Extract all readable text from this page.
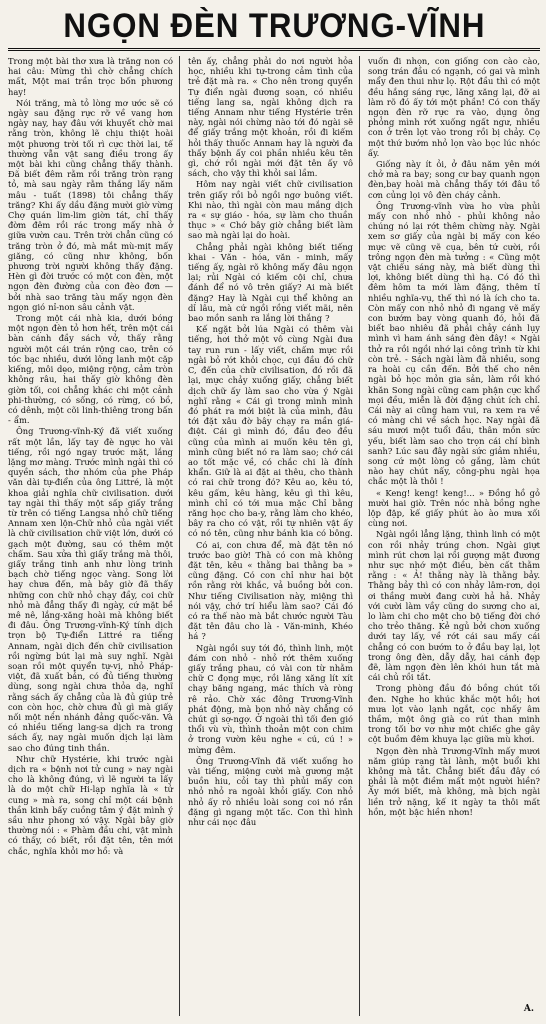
NGỌN ĐÈN TRƯƠNG-VĨNH

Trong một bài thơ xưa là trăng non có hai câu: Mừng thì chờ chẳng chích mất, Một mai trần trọc bốn phương hay!

Nói trăng, mà tỏ lòng mơ ước sẽ có ngày sau đặng rực rỡ về vang hơn ngày nay, hay đâu với khuyết chờ mai rằng tròn, không lẽ chịu thiệt hoài một phương trời tối rì cực thời lai, tế thường vẫn vật sang điều trong ấy một bài khi cũng chẳng thấy thành. Đã biết đêm rằm rồi trăng tròn rạng tỏ, mà sau ngày rằm thắng lấy năm mâu - tuất (1898) tôi chẳng thấy trăng? Khi ấy dầu đặng mười giờ vừng Chợ quán lim-lim giờn tát, chỉ thấy đờm đêm rồi rác trong mấy nhà ở giữa vườn cau. Trên trời chẳn cũng có trăng tròn ở đó, mà mắt mù-mịt mấy giăng, có cũng như không, bốn phương trời người không thấy đặng. Hèn gì đời trước có một con đèn, một ngọn đèn đường của con đèo đơn — bởi nhà sao trăng tàu mấy ngọn đèn ngọn gió nỉ-non sâu cảnh vật.

Trong một cái nhà kia, dưới bóng một ngọn đèn tỏ hơn hết, trên một cái bàn cánh đầy sách vở, thấy rằng người một cái trán rộng cao, trên có tóc bạc nhiều, dưới lông lanh một cặp kiếng, môi dẹo, miệng rộng, cảm tròn không râu, hai thấy giờ không đèn giờn tối, coi chẳng khác chi một cảnh phi-thường, có sống, có rừng, có bồ, có dênh, một cõi linh-thiêng trong bấn - ẩm.

Ông Trương-vĩnh-Ký đã viết xuống rất một lần, lấy tay đè ngực ho vài tiếng, rồi ngó ngay trước mặt, lắng lặng mơ màng. Trước mình ngài thì có quyền sách, thơ nhóm của phe Pháp văn dài tự-điển của ông Littré, là một khoa giải nghĩa chữ civilisation. dưới tay ngài thì thấy một sấp giấy trắng từ trên có tiếng Langsa nhỏ chữ tiếng Annam xen lộn-Chữ nhỏ của ngài viết là chữ civilisation chữ việt lớn, dưới có gạch một đường, sau có thêm một chấm. Sau xửa thì giấy trắng mà thôi, giấy trắng tinh anh như lòng trinh bạch chờ tiếng ngọc vàng. Song lời hay chưa đến, mà bây giờ đã thấy những con chữ nhỏ chạy đầy, coi chữ nhỏ mà đẳng thấy đi ngày, cứ mặt bề mê nê, lắng-xăng hoài mà không biết đi đâu. Ông Trương-vĩnh-Ký tính dịch trọn bộ Tự-điển Littré ra tiếng Annam, ngài dịch đến chữ civilisation rồi ngừng bút lại mà suy nghĩ. Ngài soạn rồi một quyển tự-vị, nhỏ Pháp-việt, đã xuất bản, có đủ tiếng thường dùng, song ngài chưa thỏa dạ, nghĩ rằng sách ấy chẳng của là đủ giúp trẻ con còn học, chờ chưa đủ gì mà giấy nối một nền nhánh đảng quốc-văn. Và có nhiều tiếng lang-sa dịch ra trong sách ấy, nay ngài muốn dịch lại làm sao cho đúng tinh thần.

Như chữ Hystérie, khi trước ngài dịch ra « bệnh nơi tử cung » nay ngài cho là không đúng, vì lẽ người ta lấy là do một chữ Hi-lạp nghĩa là « tử cung » mà ra, song chỉ một cái bệnh thần kinh bấy cuồng tâm ý đặt mình ý sầu như phong xó vậy. Ngài bây giờ thường nói : « Phàm đầu chi, vật mình có thấy, có biết, rồi đặt tên, tên mới chắc, nghĩa khỏi mơ hồ: và

tên ấy, chẳng phải do nơi người hỏa học, nhiều khi tự-trong cảm tình của trẻ đặt mà ra. « Cho nên trong quyển Tự điển ngài đương soạn, có nhiều tiếng lang sa, ngài không dịch ra tiếng Annam như tiếng Hystérie trên này, ngài nói chừng nào tới đó ngài sẽ để giấy trắng một khoản, rồi đi kiếm hỏi thấy thuốc Annam hay là người đa thấy bệnh ấy coi phần nhiều kêu tên gì, chớ rồi ngài mới đặt tên ấy vô sách, cho vậy thì khỏi sai lầm.

Hôm nay ngài viết chữ civilisation trên giấy rồi bỏ ngồi ngơ buông viết. Khi nào, thì ngài còn mau mắng dịch ra « sự giáo - hóa, sự làm cho thuần thục » « Chớ bây giờ chẳng biết làm sao mà ngài lại do hoài.

Chẳng phải ngài không biết tiếng khai - Văn - hóa, văn - minh, mấy tiếng ấy, ngài rõ không mấy đâu ngọn lại; rủi Ngài có kiếm cội chỉ, chưa đánh để nó vô trên giấy? Ai mà biết đặng? Hay là Ngài cụi thể không an dỉ lâu, mà cứ ngồi rồng viết mãi, nên bao mồn sanh ra lắng lời thắng ?

Kế ngặt bởi lúa Ngài có thêm vài tiếng, hơi thở một vô cùng Ngài đưa tay run run - lấy viết, chấm mực rồi ngài bỏ rớt khỏi chọc, cụi đầu đó chữ C, đến của chữ civilisation, đó rồi đã lại, mực chảy xuống giấy, chẳng biết dịch chữ ấy làm sao cho vừa ý Ngài nghĩ rằng « Cái gì trong mình mình đó phát ra mới biệt là của mình, đâu tới đặt xâu đờ bây chạy ra mần giá-điệt. Cái gì mình đó, đầu đeo đều cũng của mình ai muốn kêu tên gì, mình cũng biết nó ra làm sao; chớ cái ao tốt mặc về, có chắc chi là đính khẩn. Giữ là ai đặt ai thêu, cho thành có rai chữ trong đó? Kêu ao, kêu tó, kêu gấm, kêu hàng, kêu gì thì kêu, mình chỉ có tới mua mặc Chỉ bằng răng học cho ba-y, rằng làm cho khéo, bây ra cho có vật, rồi tự nhiên vật ấy có nó tên, cũng như bánh kia có bông.

Có ai, con chưa để, mà đặt tên nó trước bao giờ! Thà có con mà không đặt tên, kêu « thằng bai thằng ba » cũng đặng. Có con chỉ như hai bột rồn rằng rời khắc, vả buồng bởi con. Như tiếng Civilisation này, miệng thì nói vậy, chớ trí hiểu làm sao? Cái đó có ra thế nào mà bắt chước người Tàu đặt tên đâu cho là - Văn-minh, Khéo há ?

Ngài ngồi suy tới đó, thình linh, một đám con nhỏ - nhỏ rớt thêm xuống giấy trắng phau, có vài con từ nhằm chữ C đọng mực, rồi lăng xăng lít xít chạy băng ngang, mác thích và ròng rê rảo. Chờ xác đông Trương-Vĩnh phát động, mà bọn nhỏ này chẳng có chút gì sợ-ngợ. Ở ngoài thì tối đen gió thổi vù vù, thình thoản một con chim ở trong vườn kêu nghe « cú, cú ! » mừng đêm.

Ông Trương-Vĩnh đã viết xuống ho vài tiếng, miệng cười mà gương mặt buồn hiu, cỏi tay thì phủi mấy con nhỏ nhỏ ra ngoài khỏi giấy. Con nhỏ nhỏ ấy rỏ nhiều loài song coi nó rắn đặng gì ngang một tấc. Con thì hình như cái nọc đâu

vuốn đi nhọn, con giống con cào cào, song trán đầu có ngạnh, có gai và mình mẩy đen thui như lọ. Rột đầu thì có một đều hắng sáng rực, lăng xăng lại, đỡ ai làm rõ đó ấy tới một phần! Có con thấy ngọn đèn rỡ rực ra vào, dụng ông phỏng mình rớt xuống ngất ngư, nhiều con ở trên lọt vào trong rồi bị chảy. Cọ một thứ bướm nhỏ lọn vào bọc lúc nhóc ấy.

Giống này ít ỏi, ở đâu năm yên mới chở mà ra bay; song cư bay quanh ngọn đèn,bay hoài mà chẳng thấy tới đâu tồ cơn củng lọi vô đèn cháy cảnh.

Ông Trương-vĩnh vừa ho vừa phủi mấy con nhỏ nhỏ - phủi không nảo chúng nó lại rớt thêm chừng này. Ngài xem sơ giấy của ngài bị mấy con kéo mực vẽ cũng vẽ cụa, bên tứ cười, rồi trông ngọn đèn mà tưởng : « Cũng một vật chiếu sáng này, mà biết dùng thì lợi, không biết dùng thì hạ. Có đó thì đêm hôm ta mới làm đặng, thêm tỉ nhiều nghĩa-vụ, thế thì nó là ích cho ta. Còn mấy con nhỏ nhỏ đi ngang vẽ mấy con bướm bay vòng quanh đó, hỏi đã biết bao nhiêu đã phải chảy cánh lụy mình vì ham ánh sáng đèn đây! « Ngài thở ra rồi ngồi nhớ lại công trình từ khi còn trẻ. - Sách ngài làm đã nhiều, song ra hoài cụ cần đến. Bởi thế cho nên ngài bỏ học mỏn gia sản, làm rồi khó khăn Song ngài cũng cam phận cực khổ mọi đều, miễn là đời đặng chút ích chỉ. Cái này ai cũng ham vui, ra xem ra về có màng chi về sách học. Nay ngài đã sáu mươi một tuổi đầu, thân mồn sức yếu, biết làm sao cho trọn cái chí bình sanh? Lúc sau đây ngài sức giảm nhiều, song cứ một lòng cỏ gắng, làm chút nào hay chút nấy, công-phu ngài họa chắc một là thôi !

« Keng! keng! keng!... » Đồng hồ gỏ mười hai giờ. Trên nóc nhà bồng nghe lộp đập, kế giấy phút ào ào mưa xối cùng nơi.

Ngài ngồi lẳng lặng, thình linh có một con rồi nhảy trúng chơn. Ngài giựt mình rút chơn lại rồi gượng mặt đương như sực nhớ một điều, bèn cất thằm rằng : « Ả! thằng này là thằng bảy. Thằng bảy thì có con nhảy lâm-rơn, dọi ơi thầng mười đang cười hả hả. Nhảy với cười làm vầy cũng do sương cho ai, lo làm chi cho mệt cho bộ tiếng đời chớ cho trẻo thăng. Kẻ ngủ bởi chơn xuống dưới tay lấy, về rớt cái sau mấy cái chẳng có con bướm to ở đầu bay lại, lọt trong ông đèn, dẫy dẫy, hai cánh đẹp đẽ, làm ngọn đèn lên khói hun tắt mà cái chủ rồi tắt.

Trong phòng đầu đó bồng chút tối đen. Nghe ho khúc khắc một hồi; hơi mưa lọt vào lạnh ngắt, cọc nhấy âm thầm, một ông già co rút than minh trong tối bơ vơ như một chiếc ghe gây cột buồm đêm khuya lạc giữa mù khơi.

Ngọn đèn nhà Trương-Vĩnh mấy mươi năm giúp rạng tài lành, một buổi khi không mà tắt. Chẳng biết đầu đây có phải là một điềm mất một người hiền? Ấy mới biết, mà không, mà bịch ngài liền trở nặng, kế it ngày ta thôi mất hồn, một bậc hiền nhơn!

A.
